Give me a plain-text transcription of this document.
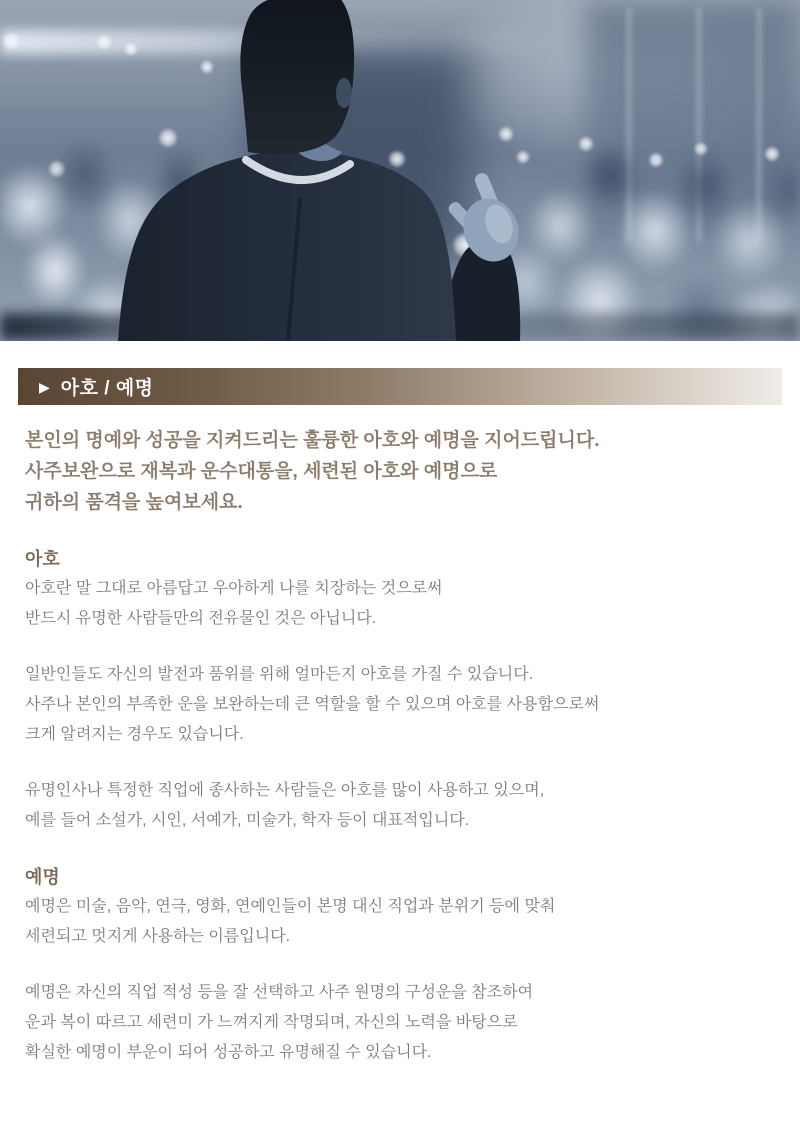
▶ 아호 / 예명
본인의 명예와 성공을 지켜드리는 훌륭한 아호와 예명을 지어드립니다.
사주보완으로 재복과 운수대통을, 세련된 아호와 예명으로
귀하의 품격을 높여보세요.
아호
아호란 말 그대로 아름답고 우아하게 나를 치장하는 것으로써
반드시 유명한 사람들만의 전유물인 것은 아닙니다.
일반인들도 자신의 발전과 품위를 위해 얼마든지 아호를 가질 수 있습니다.
사주나 본인의 부족한 운을 보완하는데 큰 역할을 할 수 있으며 아호를 사용함으로써
크게 알려지는 경우도 있습니다.
유명인사나 특정한 직업에 종사하는 사람들은 아호를 많이 사용하고 있으며,
예를 들어 소설가, 시인, 서예가, 미술가, 학자 등이 대표적입니다.
예명
예명은 미술, 음악, 연극, 영화, 연예인들이 본명 대신 직업과 분위기 등에 맞춰
세련되고 멋지게 사용하는 이름입니다.
예명은 자신의 직업 적성 등을 잘 선택하고 사주 원명의 구성운을 참조하여
운과 복이 따르고 세련미 가 느껴지게 작명되며, 자신의 노력을 바탕으로
확실한 예명이 부운이 되어 성공하고 유명해질 수 있습니다.
